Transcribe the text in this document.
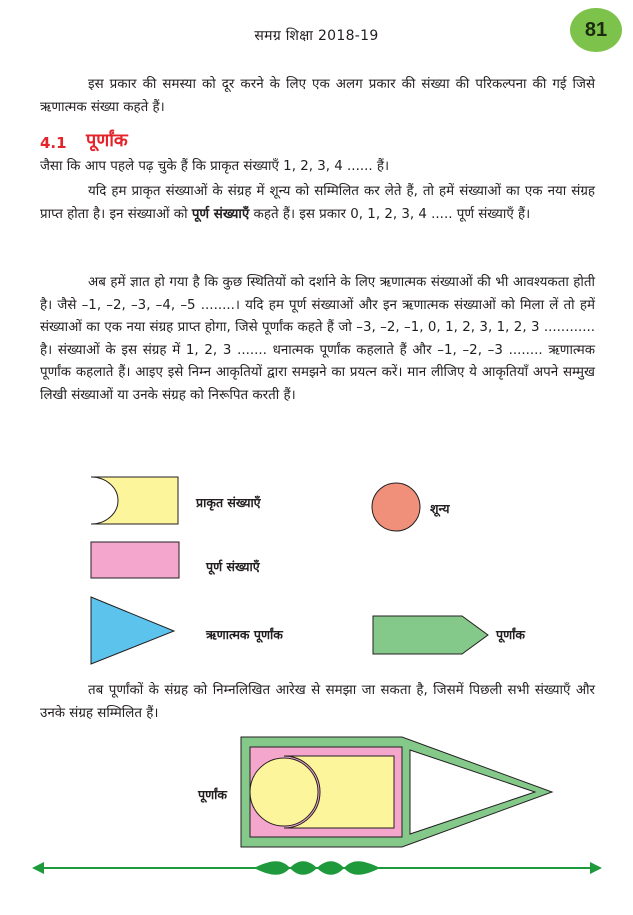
समग्र शिक्षा 2018-19	81

इस प्रकार की समस्या को दूर करने के लिए एक अलग प्रकार की संख्या की परिकल्पना की गई जिसे ऋणात्मक संख्या कहते हैं।

4.1 पूर्णांक

जैसा कि आप पहले पढ़ चुके हैं कि प्राकृत संख्याएँ 1, 2, 3, 4 ...... हैं।

यदि हम प्राकृत संख्याओं के संग्रह में शून्य को सम्मिलित कर लेते हैं, तो हमें संख्याओं का एक नया संग्रह प्राप्त होता है। इन संख्याओं को पूर्ण संख्याएँ कहते हैं। इस प्रकार 0, 1, 2, 3, 4 ..... पूर्ण संख्याएँ हैं।

अब हमें ज्ञात हो गया है कि कुछ स्थितियों को दर्शाने के लिए ऋणात्मक संख्याओं की भी आवश्यकता होती है। जैसे –1, –2, –3, –4, –5 ........। यदि हम पूर्ण संख्याओं और इन ऋणात्मक संख्याओं को मिला लें तो हमें संख्याओं का एक नया संग्रह प्राप्त होगा, जिसे पूर्णांक कहते हैं जो –3, –2, –1, 0, 1, 2, 3, 1, 2, 3 ............ है। संख्याओं के इस संग्रह में 1, 2, 3 ....... धनात्मक पूर्णांक कहलाते हैं और –1, –2, –3 ........ ऋणात्मक पूर्णांक कहलाते हैं। आइए इसे निम्न आकृतियों द्वारा समझने का प्रयत्न करें। मान लीजिए ये आकृतियाँ अपने सम्मुख लिखी संख्याओं या उनके संग्रह को निरूपित करती हैं।

प्राकृत संख्याएँ	शून्य
पूर्ण संख्याएँ
ऋणात्मक पूर्णांक	पूर्णांक

तब पूर्णांकों के संग्रह को निम्नलिखित आरेख से समझा जा सकता है, जिसमें पिछली सभी संख्याएँ और उनके संग्रह सम्मिलित हैं।

पूर्णांक
